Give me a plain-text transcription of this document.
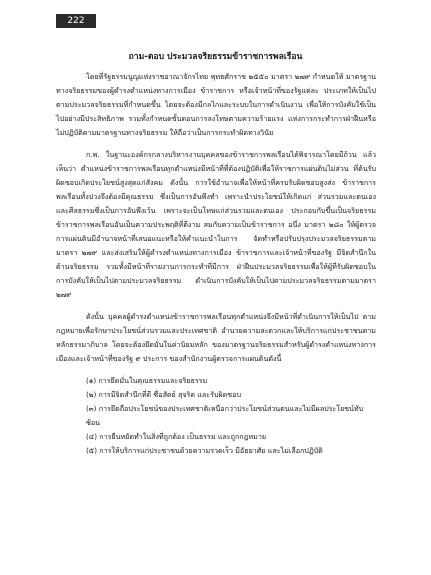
222
ถาม-ตอบ ประมวลจริยธรรมข้าราชการพลเรือน

โดยที่รัฐธรรมนูญแห่งราชอาณาจักรไทย พุทธศักราช ๒๕๕๐ มาตรา ๒๗๙ กำหนดให้ มาตรฐานทางจริยธรรมของผู้ดำรงตำแหน่งทางการเมือง ข้าราชการ หรือเจ้าหน้าที่ของรัฐแต่ละ ประเภทให้เป็นไปตามประมวลจริยธรรมที่กำหนดขึ้น โดยจะต้องมีกลไกและระบบในการดำเนินงาน เพื่อให้การบังคับใช้เป็นไปอย่างมีประสิทธิภาพ รวมทั้งกำหนดขั้นตอนการลงโทษตามความร้ายแรง แห่งการกระทำการฝ่าฝืนหรือไม่ปฏิบัติตามมาตรฐานทางจริยธรรม ให้ถือว่าเป็นการกระทำผิดทางวินัย

ก.พ. ในฐานะองค์กรกลางบริหารงานบุคคลของข้าราชการพลเรือนได้พิจารณาโดยมีถ้วน แล้วเห็นว่า ตำแหน่งข้าราชการพลเรือนทุกตำแหน่งมีหน้าที่ที่ต้องปฏิบัติเพื่อให้ราชการแผ่นดินไม่ส่วน ที่ต้นรับผิดชอบเกิดประโยชน์สูงสุดแก่สังคม ดังนั้น การใช้อำนาจเพื่อให้หน้าที่ครบรับผิดชอบสูงส่ง ข้าราชการพลเรือนทั้งปวงจึงต้องมีคุณธรรม ซึ่งเป็นการอันพึงทำ เพราะนำประโยชน์ให้เกิดแก่ ส่วนรวมและตนเองและศีลธรรมซึ่งเป็นการอันพึงเว้น เพราะจะเป็นโทษแก่ส่วนรวมและตนเอง ประกอบกับขึ้นเป็นจริยธรรมข้าราชการพลเรือนอันเป็นความประพฤติที่ดีงาม สมกับความเป็นข้าราชการ อนึ่ง มาตรา ๒๘๐ ให้ผู้ตรวจการแผ่นดินมีอำนาจหน้าที่เสนอแนะหรือให้คำแนะนำในการ จัดทำหรือปรับปรุงประมวลจริยธรรมตามมาตรา ๒๗๙ และส่งเสริมให้ผู้ดำรงตำแหน่งทางการเมือง ข้าราชการและเจ้าหน้าที่ของรัฐ มีจิตสำนึกในด้านจริยธรรม รวมทั้งมีหน้าที่รายงานการกระทำที่มีการ ฝ่าฝืนประมวลจริยธรรมเพื่อให้ผู้ที่รับผิดชอบในการบังคับให้เป็นไปตามประมวลจริยธรรม ดำเนินการบังคับให้เป็นไปตามประมวลจริยธรรมตามมาตรา ๒๗๙

ดังนั้น บุคคลผู้ดำรงตำแหน่งข้าราชการพลเรือนทุกตำแหน่งจึงมีหน้าที่ดำเนินการให้เป็นไป ตามกฎหมายเพื่อรักษาประโยชน์ส่วนรวมและประเทศชาติ อำนวยความสะดวกและให้บริการแก่ประชาชนตามหลักธรรมาภิบาล โดยจะต้องยึดมั่นในค่านิยมหลัก ของมาตรฐานจริยธรรมสำหรับผู้ดำรงตำแหน่งทางการเมืองและเจ้าหน้าที่ของรัฐ ๙ ประการ ของสำนักงานผู้ตรวจการแผ่นดินดังนี้

(๑) การยึดมั่นในคุณธรรมและจริยธรรม
(๒) การมีจิตสำนึกที่ดี ซื่อสัตย์ สุจริต และรับผิดชอบ
(๓) การยึดถือประโยชน์ของประเทศชาติเหนือกว่าประโยชน์ส่วนตนและไม่มีผลประโยชน์ทับซ้อน
(๔) การยืนหยัดทำในสิ่งที่ถูกต้อง เป็นธรรม และถูกกฎหมาย
(๕) การให้บริการแก่ประชาชนด้วยความรวดเร็ว มีอัธยาศัย และไม่เลือกปฏิบัติ
